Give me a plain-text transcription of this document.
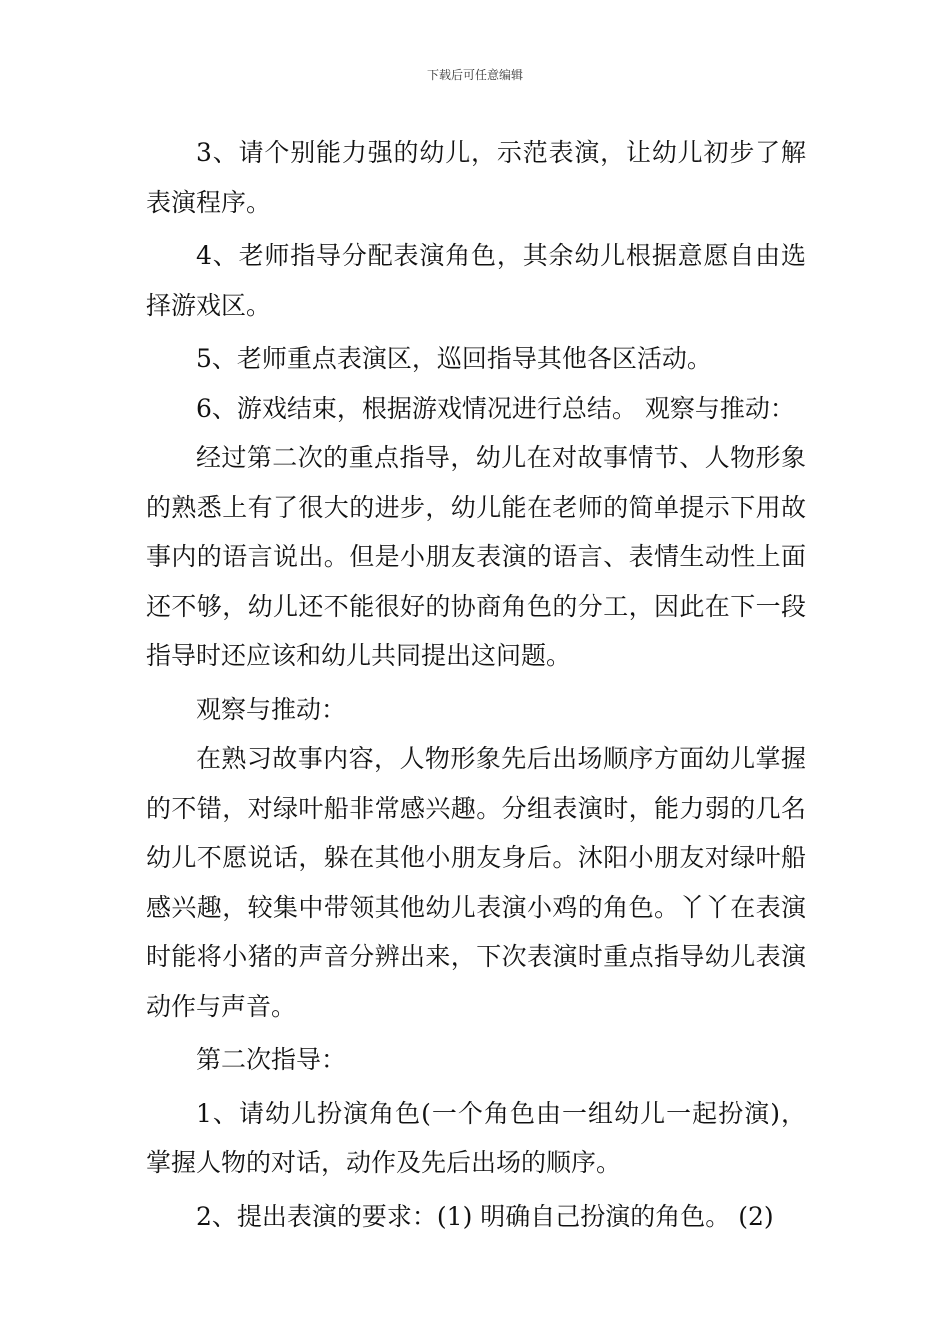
下载后可任意编辑

3、请个别能力强的幼儿，示范表演，让幼儿初步了解表演程序。

4、老师指导分配表演角色，其余幼儿根据意愿自由选择游戏区。

5、老师重点表演区，巡回指导其他各区活动。

6、游戏结束，根据游戏情况进行总结。 观察与推动：

经过第二次的重点指导，幼儿在对故事情节、人物形象的熟悉上有了很大的进步，幼儿能在老师的简单提示下用故事内的语言说出。但是小朋友表演的语言、表情生动性上面还不够，幼儿还不能很好的协商角色的分工，因此在下一段指导时还应该和幼儿共同提出这问题。

观察与推动：

在熟习故事内容，人物形象先后出场顺序方面幼儿掌握的不错，对绿叶船非常感兴趣。分组表演时，能力弱的几名幼儿不愿说话，躲在其他小朋友身后。沐阳小朋友对绿叶船感兴趣，较集中带领其他幼儿表演小鸡的角色。丫丫在表演时能将小猪的声音分辨出来，下次表演时重点指导幼儿表演动作与声音。

第二次指导：

1、请幼儿扮演角色(一个角色由一组幼儿一起扮演)，掌握人物的对话，动作及先后出场的顺序。

2、提出表演的要求：(1) 明确自己扮演的角色。 (2)
